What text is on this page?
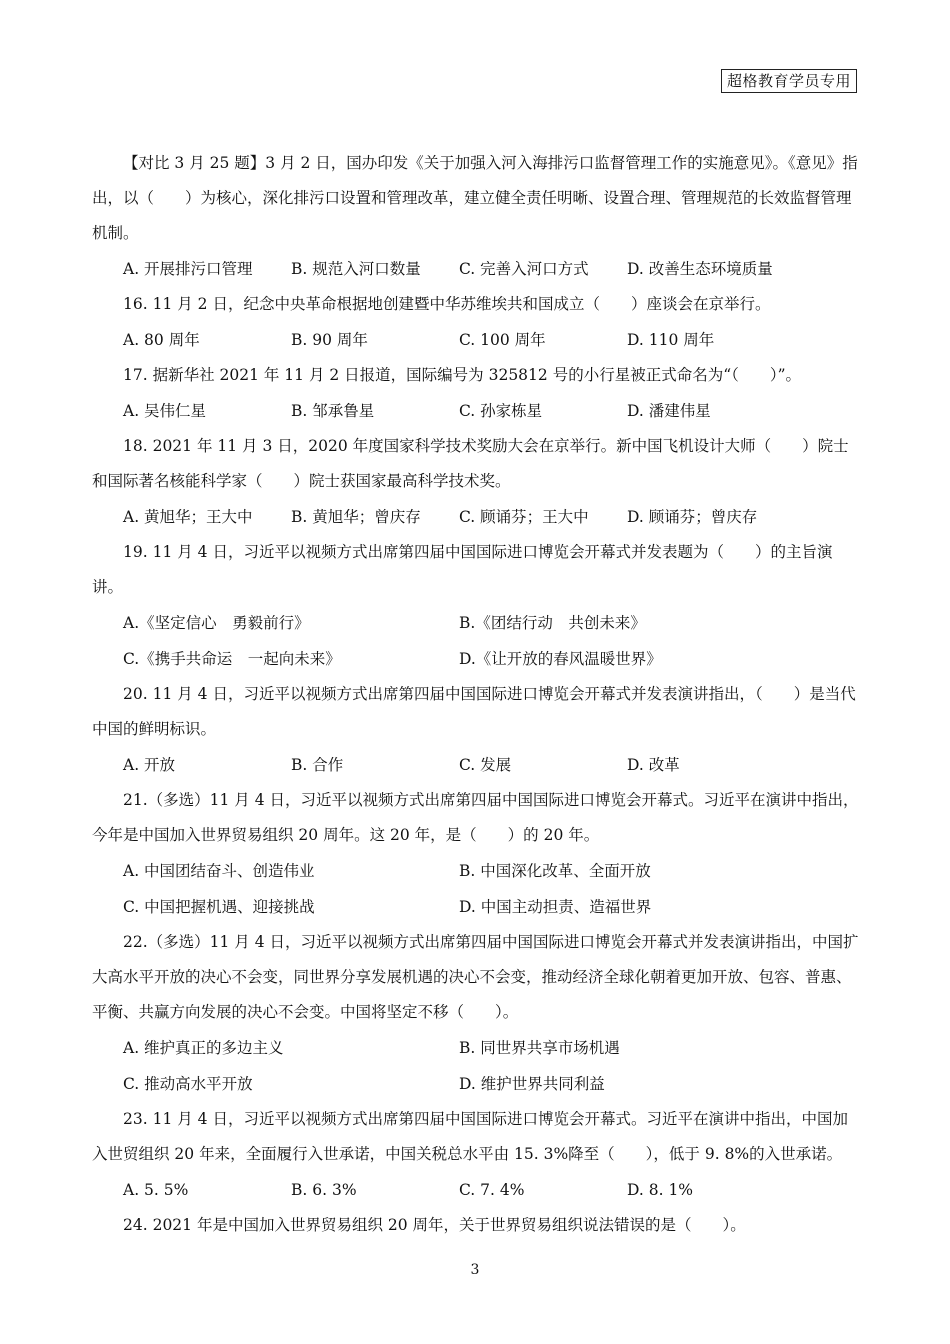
超格教育学员专用

【对比 3 月 25 题】3 月 2 日，国办印发《关于加强入河入海排污口监督管理工作的实施意见》。《意见》指出，以（　　）为核心，深化排污口设置和管理改革，建立健全责任明晰、设置合理、管理规范的长效监督管理机制。

A. 开展排污口管理	B. 规范入河口数量	C. 完善入河口方式	D. 改善生态环境质量

16. 11 月 2 日，纪念中央革命根据地创建暨中华苏维埃共和国成立（　　）座谈会在京举行。

A. 80 周年	B. 90 周年	C. 100 周年	D. 110 周年

17. 据新华社 2021 年 11 月 2 日报道，国际编号为 325812 号的小行星被正式命名为“（　　）”。

A. 吴伟仁星	B. 邹承鲁星	C. 孙家栋星	D. 潘建伟星

18. 2021 年 11 月 3 日，2020 年度国家科学技术奖励大会在京举行。新中国飞机设计大师（　　）院士和国际著名核能科学家（　　）院士获国家最高科学技术奖。

A. 黄旭华；王大中	B. 黄旭华；曾庆存	C. 顾诵芬；王大中	D. 顾诵芬；曾庆存

19. 11 月 4 日，习近平以视频方式出席第四届中国国际进口博览会开幕式并发表题为（　　）的主旨演讲。

A.《坚定信心　勇毅前行》	B.《团结行动　共创未来》
C.《携手共命运　一起向未来》	D.《让开放的春风温暖世界》

20. 11 月 4 日，习近平以视频方式出席第四届中国国际进口博览会开幕式并发表演讲指出，（　　）是当代中国的鲜明标识。

A. 开放	B. 合作	C. 发展	D. 改革

21.（多选）11 月 4 日，习近平以视频方式出席第四届中国国际进口博览会开幕式。习近平在演讲中指出，今年是中国加入世界贸易组织 20 周年。这 20 年，是（　　）的 20 年。

A. 中国团结奋斗、创造伟业	B. 中国深化改革、全面开放
C. 中国把握机遇、迎接挑战	D. 中国主动担责、造福世界

22.（多选）11 月 4 日，习近平以视频方式出席第四届中国国际进口博览会开幕式并发表演讲指出，中国扩大高水平开放的决心不会变，同世界分享发展机遇的决心不会变，推动经济全球化朝着更加开放、包容、普惠、平衡、共赢方向发展的决心不会变。中国将坚定不移（　　）。

A. 维护真正的多边主义	B. 同世界共享市场机遇
C. 推动高水平开放	D. 维护世界共同利益

23. 11 月 4 日，习近平以视频方式出席第四届中国国际进口博览会开幕式。习近平在演讲中指出，中国加入世贸组织 20 年来，全面履行入世承诺，中国关税总水平由 15. 3%降至（　　），低于 9. 8%的入世承诺。

A. 5. 5%	B. 6. 3%	C. 7. 4%	D. 8. 1%

24. 2021 年是中国加入世界贸易组织 20 周年，关于世界贸易组织说法错误的是（　　）。

3
